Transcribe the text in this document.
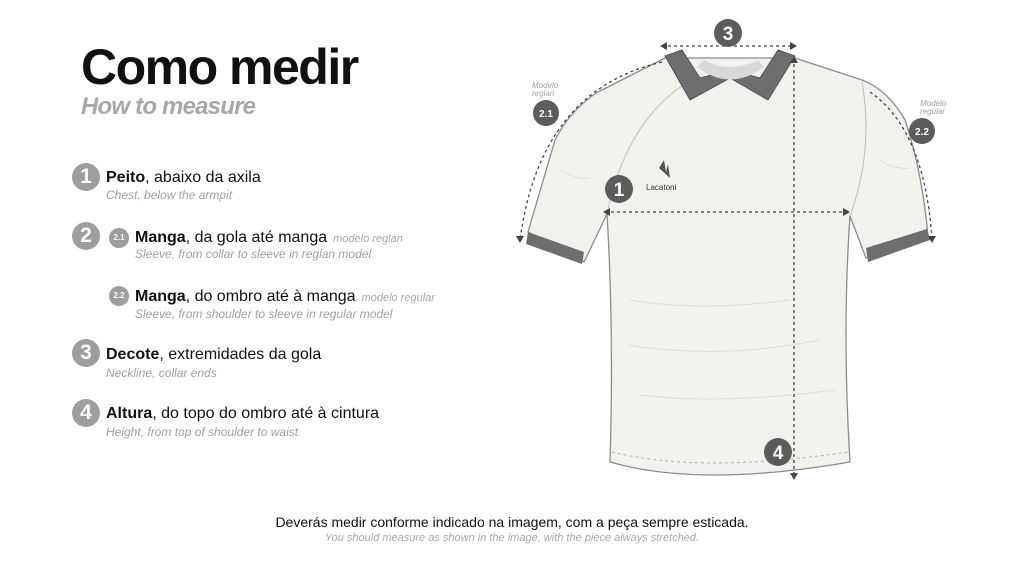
Como medir
How to measure
1 Peito, abaixo da axila
Chest, below the armpit
2	2.1 Manga, da gola até manga modelo reglan
Sleeve, from collar to sleeve in reglan model
2.2 Manga, do ombro até à manga modelo regular
Sleeve, from shoulder to sleeve in regular model
3 Decote, extremidades da gola
Neckline, collar ends
4 Altura, do topo do ombro até à cintura
Height, from top of shoulder to waist
Lacatoni
3
2.1
2.2
1
4
Modelo
reglan
Modelo
regular
Deverás medir conforme indicado na imagem, com a peça sempre esticada.
You should measure as shown in the image, with the piece always stretched.
